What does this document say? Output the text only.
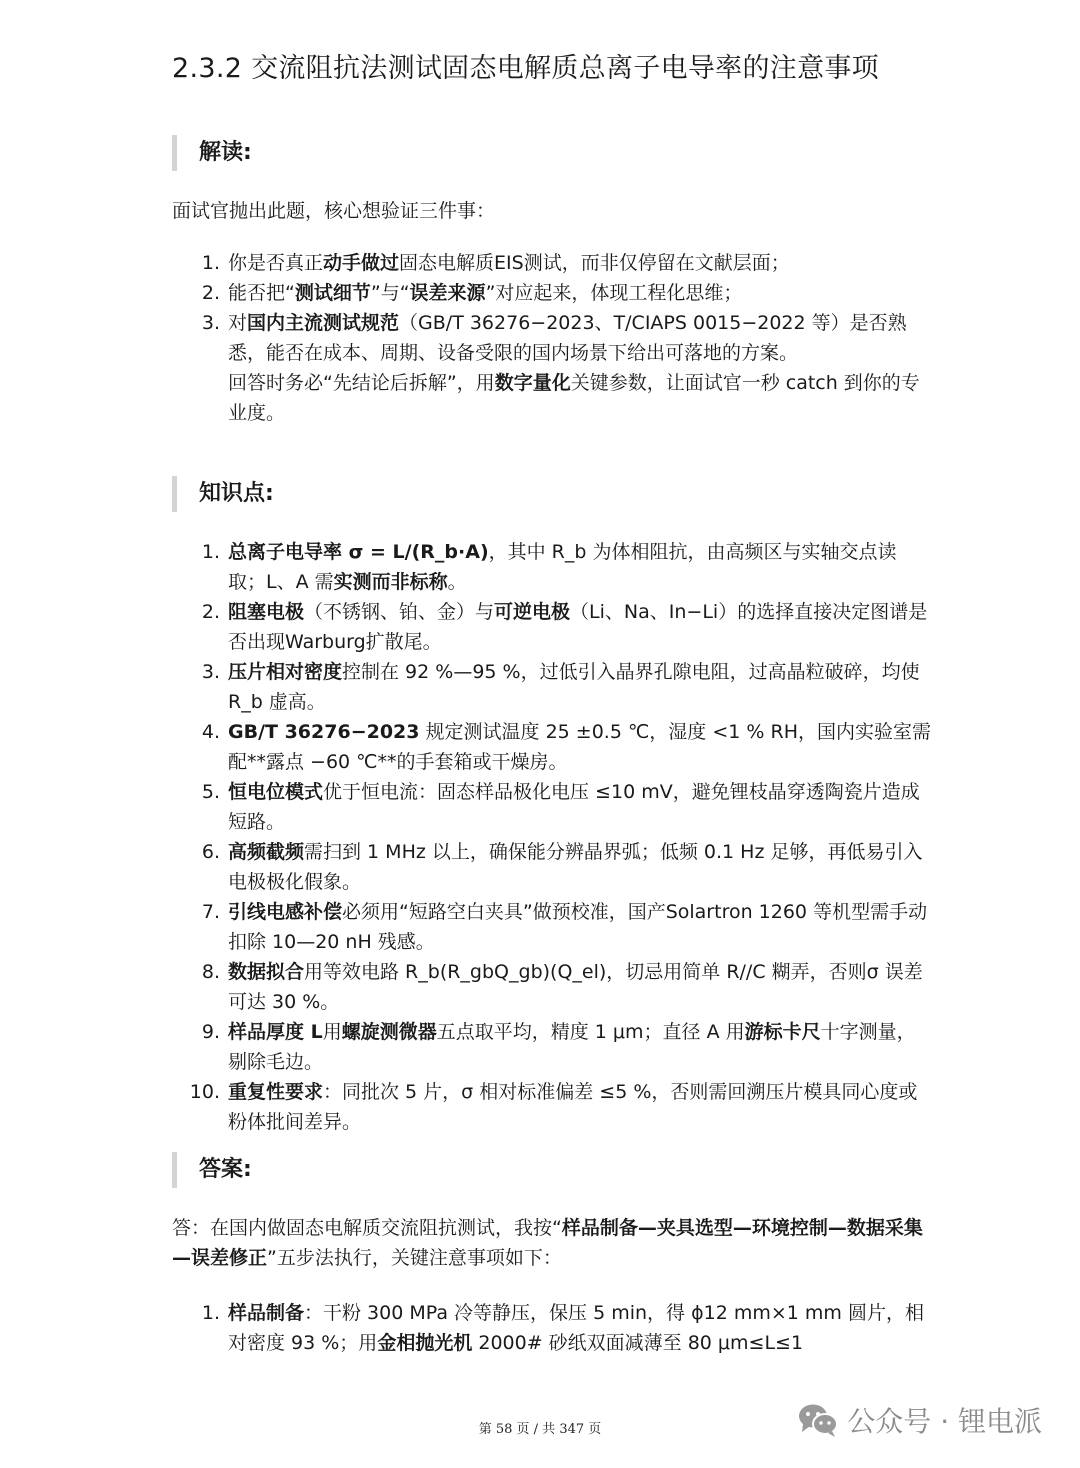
2.3.2 交流阻抗法测试固态电解质总离子电导率的注意事项
解读:

面试官抛出此题，核心想验证三件事：

1. 你是否真正动手做过固态电解质EIS测试，而非仅停留在文献层面；
2. 能否把“测试细节”与“误差来源”对应起来，体现工程化思维；
3. 对国内主流测试规范（GB/T 36276−2023、T/CIAPS 0015−2022 等）是否熟悉，能否在成本、周期、设备受限的国内场景下给出可落地的方案。
回答时务必“先结论后拆解”，用数字量化关键参数，让面试官一秒 catch 到你的专业度。
知识点:
1. 总离子电导率 σ = L/(R_b·A)，其中 R_b 为体相阻抗，由高频区与实轴交点读取；L、A 需实测而非标称。
2. 阻塞电极（不锈钢、铂、金）与可逆电极（Li、Na、In−Li）的选择直接决定图谱是否出现Warburg扩散尾。
3. 压片相对密度控制在 92 %—95 %，过低引入晶界孔隙电阻，过高晶粒破碎，均使 R_b 虚高。
4. GB/T 36276−2023 规定测试温度 25 ±0.5 ℃，湿度 <1 % RH，国内实验室需配**露点 −60 ℃**的手套箱或干燥房。
5. 恒电位模式优于恒电流：固态样品极化电压 ≤10 mV，避免锂枝晶穿透陶瓷片造成短路。
6. 高频截频需扫到 1 MHz 以上，确保能分辨晶界弧；低频 0.1 Hz 足够，再低易引入电极极化假象。
7. 引线电感补偿必须用“短路空白夹具”做预校准，国产Solartron 1260 等机型需手动扣除 10—20 nH 残感。
8. 数据拟合用等效电路 R_b(R_gbQ_gb)(Q_el)，切忌用简单 R//C 糊弄，否则σ 误差可达 30 %。
9. 样品厚度 L用螺旋测微器五点取平均，精度 1 μm；直径 A 用游标卡尺十字测量，剔除毛边。
10. 重复性要求：同批次 5 片，σ 相对标准偏差 ≤5 %，否则需回溯压片模具同心度或粉体批间差异。
答案:

答：在国内做固态电解质交流阻抗测试，我按“样品制备—夹具选型—环境控制—数据采集—误差修正”五步法执行，关键注意事项如下：

1. 样品制备：干粉 300 MPa 冷等静压，保压 5 min，得 ϕ12 mm×1 mm 圆片，相对密度 93 %；用金相抛光机 2000# 砂纸双面减薄至 80 μm≤L≤1
第 58 页 / 共 347 页	公众号 · 锂电派
